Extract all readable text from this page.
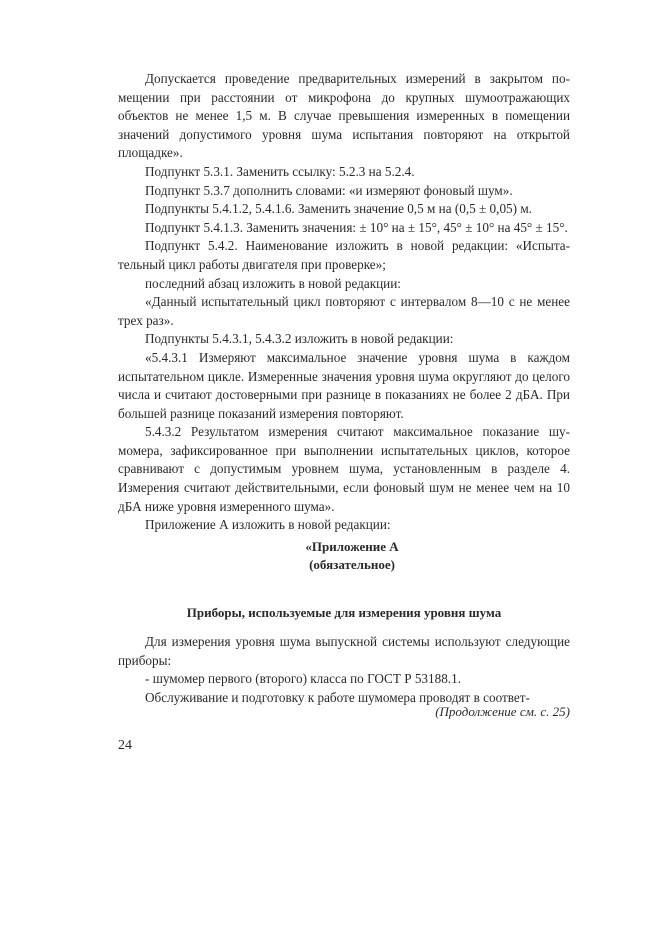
Допускается проведение предварительных измерений в закрытом помещении при расстоянии от микрофона до крупных шумоотражающих объектов не менее 1,5 м. В случае превышения измеренных в помещении значений допустимого уровня шума испытания повторяют на открытой площадке».

Подпункт 5.3.1. Заменить ссылку: 5.2.3 на 5.2.4.

Подпункт 5.3.7 дополнить словами: «и измеряют фоновый шум».

Подпункты 5.4.1.2, 5.4.1.6. Заменить значение 0,5 м на (0,5 ± 0,05) м.

Подпункт 5.4.1.3. Заменить значения: ± 10° на ± 15°, 45° ± 10° на 45° ± 15°.

Подпункт 5.4.2. Наименование изложить в новой редакции: «Испытательный цикл работы двигателя при проверке»;

последний абзац изложить в новой редакции:

«Данный испытательный цикл повторяют с интервалом 8—10 с не менее трех раз».

Подпункты 5.4.3.1, 5.4.3.2 изложить в новой редакции:

«5.4.3.1 Измеряют максимальное значение уровня шума в каждом испытательном цикле. Измеренные значения уровня шума округляют до целого числа и считают достоверными при разнице в показаниях не более 2 дБА. При большей разнице показаний измерения повторяют.

5.4.3.2 Результатом измерения считают максимальное показание шумомера, зафиксированное при выполнении испытательных циклов, которое сравнивают с допустимым уровнем шума, установленным в разделе 4. Измерения считают действительными, если фоновый шум не менее чем на 10 дБА ниже уровня измеренного шума».

Приложение А изложить в новой редакции:

«Приложение А
(обязательное)
Приборы, используемые для измерения уровня шума

Для измерения уровня шума выпускной системы используют следующие приборы:

- шумомер первого (второго) класса по ГОСТ Р 53188.1.

Обслуживание и подготовку к работе шумомера проводят в соответ-

(Продолжение см. с. 25)
24
